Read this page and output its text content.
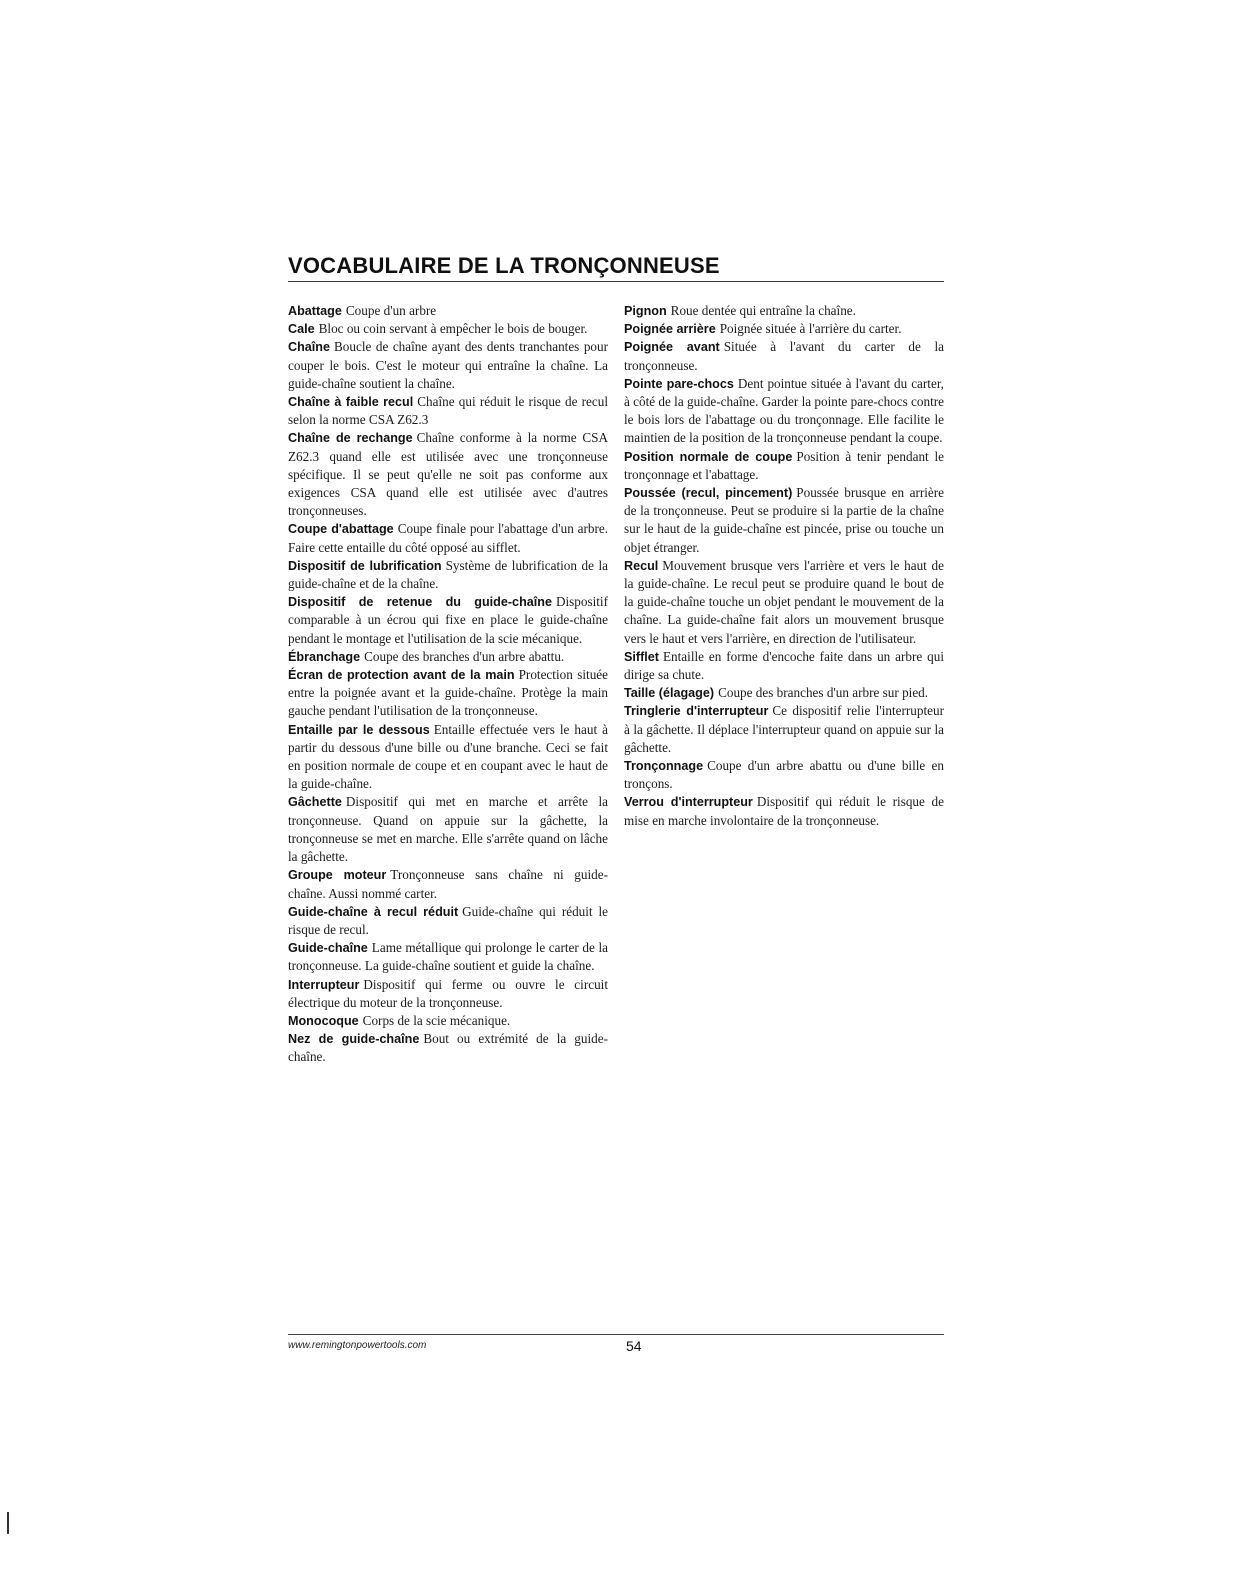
VOCABULAIRE DE LA TRONÇONNEUSE

Abattage Coupe d'un arbre

Cale Bloc ou coin servant à empêcher le bois de bouger.

Chaîne Boucle de chaîne ayant des dents tranchantes pour couper le bois. C'est le moteur qui entraîne la chaîne. La guide-chaîne soutient la chaîne.

Chaîne à faible recul Chaîne qui réduit le risque de recul selon la norme CSA Z62.3

Chaîne de rechange Chaîne conforme à la norme CSA Z62.3 quand elle est utilisée avec une tronçonneuse spécifique. Il se peut qu'elle ne soit pas conforme aux exigences CSA quand elle est utilisée avec d'autres tronçonneuses.

Coupe d'abattage Coupe finale pour l'abattage d'un arbre. Faire cette entaille du côté opposé au sifflet.

Dispositif de lubrification Système de lubrification de la guide-chaîne et de la chaîne.

Dispositif de retenue du guide-chaîne Dispositif comparable à un écrou qui fixe en place le guide-chaîne pendant le montage et l'utilisation de la scie mécanique.

Ébranchage Coupe des branches d'un arbre abattu.

Écran de protection avant de la main Protection située entre la poignée avant et la guide-chaîne. Protège la main gauche pendant l'utilisation de la tronçonneuse.

Entaille par le dessous Entaille effectuée vers le haut à partir du dessous d'une bille ou d'une branche. Ceci se fait en position normale de coupe et en coupant avec le haut de la guide-chaîne.

Gâchette Dispositif qui met en marche et arrête la tronçonneuse. Quand on appuie sur la gâchette, la tronçonneuse se met en marche. Elle s'arrête quand on lâche la gâchette.

Groupe moteur Tronçonneuse sans chaîne ni guide-chaîne. Aussi nommé carter.

Guide-chaîne à recul réduit Guide-chaîne qui réduit le risque de recul.

Guide-chaîne Lame métallique qui prolonge le carter de la tronçonneuse. La guide-chaîne soutient et guide la chaîne.

Interrupteur Dispositif qui ferme ou ouvre le circuit électrique du moteur de la tronçonneuse.

Monocoque Corps de la scie mécanique.

Nez de guide-chaîne Bout ou extrémité de la guide-chaîne.

Pignon Roue dentée qui entraîne la chaîne.

Poignée arrière Poignée située à l'arrière du carter.

Poignée avant Située à l'avant du carter de la tronçonneuse.

Pointe pare-chocs Dent pointue située à l'avant du carter, à côté de la guide-chaîne. Garder la pointe pare-chocs contre le bois lors de l'abattage ou du tronçonnage. Elle facilite le maintien de la position de la tronçonneuse pendant la coupe.

Position normale de coupe Position à tenir pendant le tronçonnage et l'abattage.

Poussée (recul, pincement) Poussée brusque en arrière de la tronçonneuse. Peut se produire si la partie de la chaîne sur le haut de la guide-chaîne est pincée, prise ou touche un objet étranger.

Recul Mouvement brusque vers l'arrière et vers le haut de la guide-chaîne. Le recul peut se produire quand le bout de la guide-chaîne touche un objet pendant le mouvement de la chaîne. La guide-chaîne fait alors un mouvement brusque vers le haut et vers l'arrière, en direction de l'utilisateur.

Sifflet Entaille en forme d'encoche faite dans un arbre qui dirige sa chute.

Taille (élagage) Coupe des branches d'un arbre sur pied.

Tringlerie d'interrupteur Ce dispositif relie l'interrupteur à la gâchette. Il déplace l'interrupteur quand on appuie sur la gâchette.

Tronçonnage Coupe d'un arbre abattu ou d'une bille en tronçons.

Verrou d'interrupteur Dispositif qui réduit le risque de mise en marche involontaire de la tronçonneuse.

www.remingtonpowertools.com	54
